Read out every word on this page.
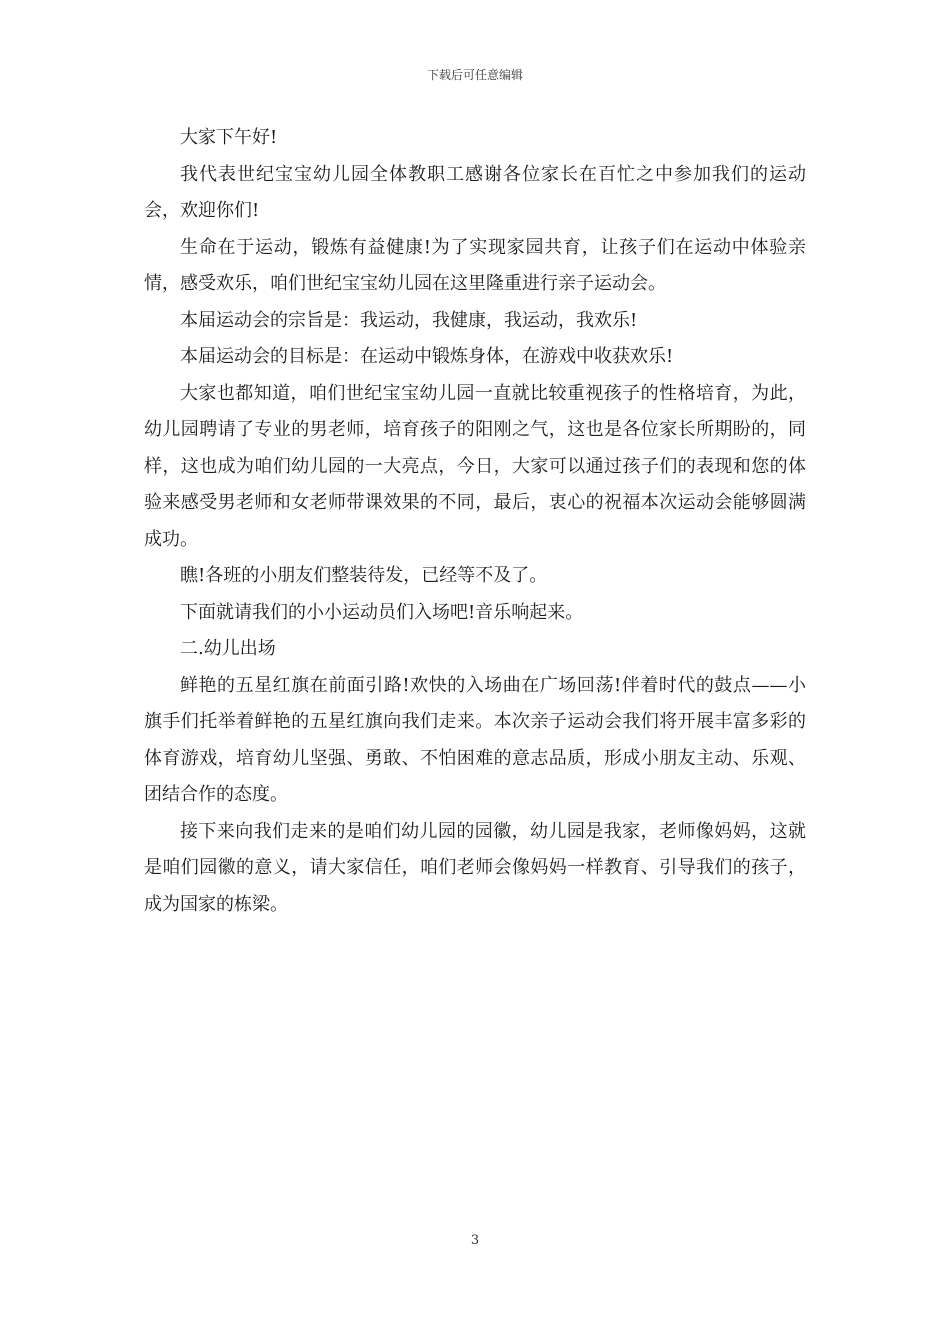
下载后可任意编辑

大家下午好!

我代表世纪宝宝幼儿园全体教职工感谢各位家长在百忙之中参加我们的运动会，欢迎你们!

生命在于运动，锻炼有益健康!为了实现家园共育，让孩子们在运动中体验亲情，感受欢乐，咱们世纪宝宝幼儿园在这里隆重进行亲子运动会。

本届运动会的宗旨是：我运动，我健康，我运动，我欢乐!

本届运动会的目标是：在运动中锻炼身体，在游戏中收获欢乐!

大家也都知道，咱们世纪宝宝幼儿园一直就比较重视孩子的性格培育，为此，幼儿园聘请了专业的男老师，培育孩子的阳刚之气，这也是各位家长所期盼的，同样，这也成为咱们幼儿园的一大亮点，今日，大家可以通过孩子们的表现和您的体验来感受男老师和女老师带课效果的不同，最后，衷心的祝福本次运动会能够圆满成功。

瞧!各班的小朋友们整装待发，已经等不及了。

下面就请我们的小小运动员们入场吧!音乐响起来。

二.幼儿出场

鲜艳的五星红旗在前面引路!欢快的入场曲在广场回荡!伴着时代的鼓点——小旗手们托举着鲜艳的五星红旗向我们走来。本次亲子运动会我们将开展丰富多彩的体育游戏，培育幼儿坚强、勇敢、不怕困难的意志品质，形成小朋友主动、乐观、团结合作的态度。

接下来向我们走来的是咱们幼儿园的园徽，幼儿园是我家，老师像妈妈，这就是咱们园徽的意义，请大家信任，咱们老师会像妈妈一样教育、引导我们的孩子，成为国家的栋梁。

3
